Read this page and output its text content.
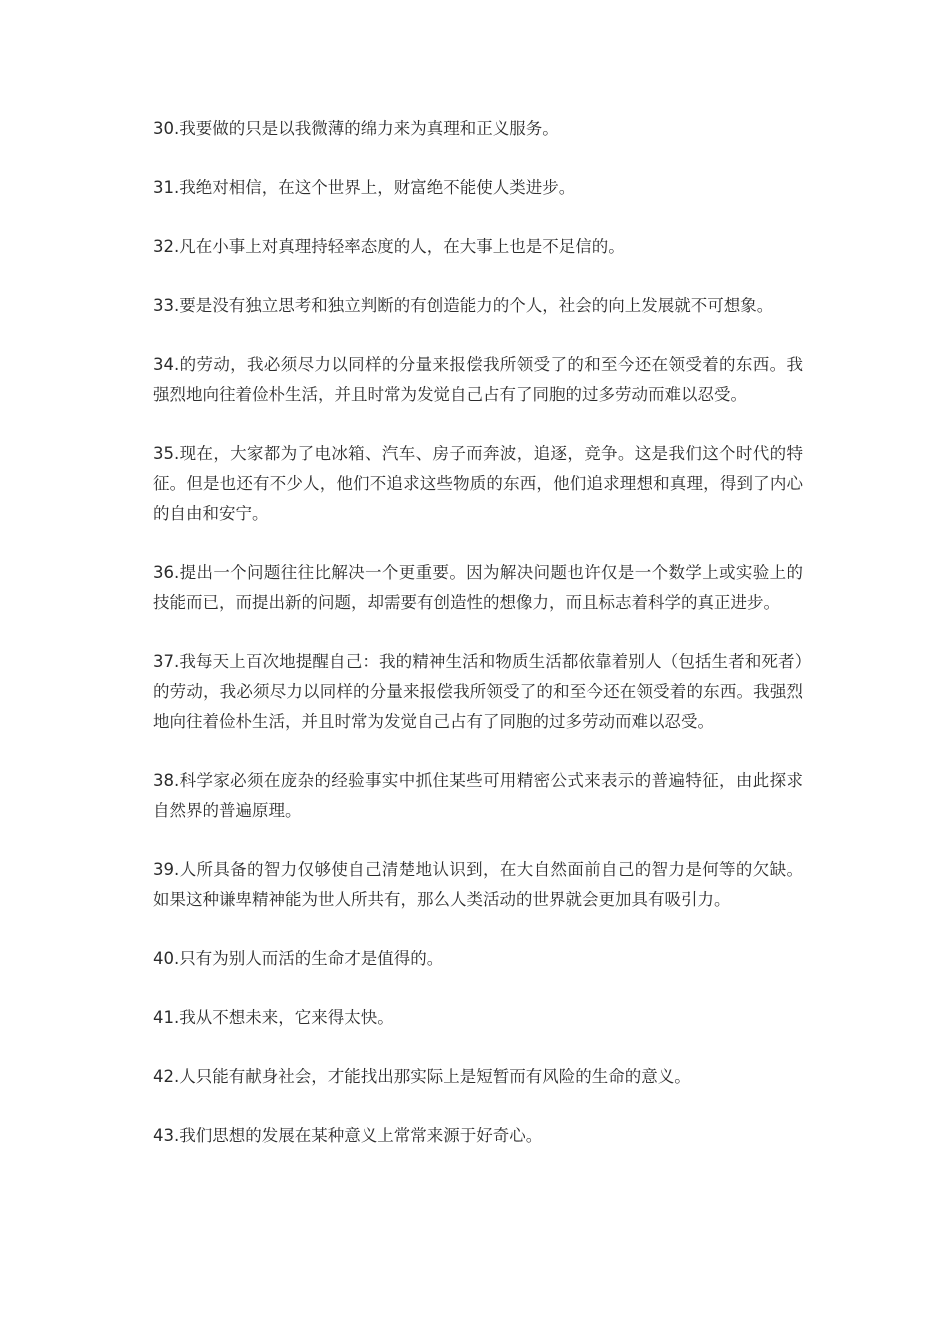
30.我要做的只是以我微薄的绵力来为真理和正义服务。

31.我绝对相信，在这个世界上，财富绝不能使人类进步。

32.凡在小事上对真理持轻率态度的人，在大事上也是不足信的。

33.要是没有独立思考和独立判断的有创造能力的个人，社会的向上发展就不可想象。

34.的劳动，我必须尽力以同样的分量来报偿我所领受了的和至今还在领受着的东西。我强烈地向往着俭朴生活，并且时常为发觉自己占有了同胞的过多劳动而难以忍受。

35.现在，大家都为了电冰箱、汽车、房子而奔波，追逐，竞争。这是我们这个时代的特征。但是也还有不少人，他们不追求这些物质的东西，他们追求理想和真理，得到了内心的自由和安宁。

36.提出一个问题往往比解决一个更重要。因为解决问题也许仅是一个数学上或实验上的技能而已，而提出新的问题，却需要有创造性的想像力，而且标志着科学的真正进步。

37.我每天上百次地提醒自己：我的精神生活和物质生活都依靠着别人（包括生者和死者）的劳动，我必须尽力以同样的分量来报偿我所领受了的和至今还在领受着的东西。我强烈地向往着俭朴生活，并且时常为发觉自己占有了同胞的过多劳动而难以忍受。

38.科学家必须在庞杂的经验事实中抓住某些可用精密公式来表示的普遍特征，由此探求自然界的普遍原理。

39.人所具备的智力仅够使自己清楚地认识到，在大自然面前自己的智力是何等的欠缺。如果这种谦卑精神能为世人所共有，那么人类活动的世界就会更加具有吸引力。

40.只有为别人而活的生命才是值得的。

41.我从不想未来，它来得太快。

42.人只能有献身社会，才能找出那实际上是短暂而有风险的生命的意义。

43.我们思想的发展在某种意义上常常来源于好奇心。
